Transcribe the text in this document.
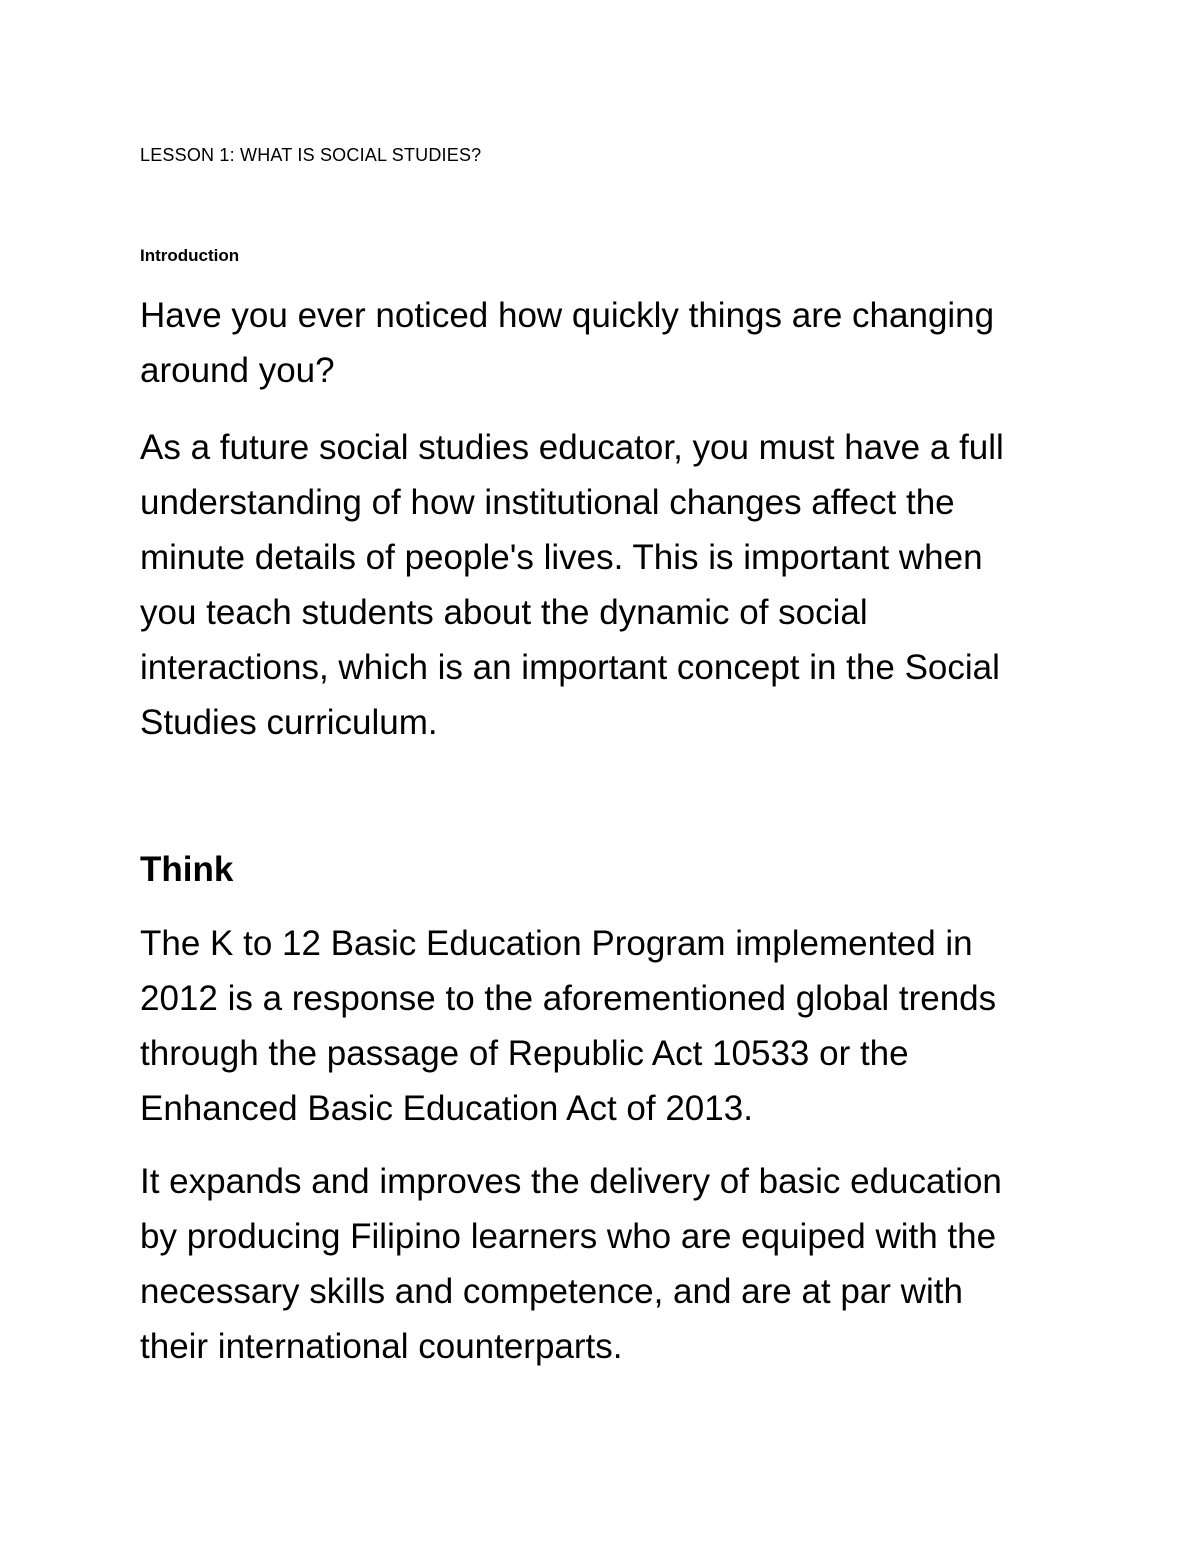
LESSON 1: WHAT IS SOCIAL STUDIES?
Introduction

Have you ever noticed how quickly things are changing around you?

As a future social studies educator, you must have a full understanding of how institutional changes affect the minute details of people's lives. This is important when you teach students about the dynamic of social interactions, which is an important concept in the Social Studies curriculum.

Think

The K to 12 Basic Education Program implemented in 2012 is a response to the aforementioned global trends through the passage of Republic Act 10533 or the Enhanced Basic Education Act of 2013.

It expands and improves the delivery of basic education by producing Filipino learners who are equiped with the necessary skills and competence, and are at par with their international counterparts.
